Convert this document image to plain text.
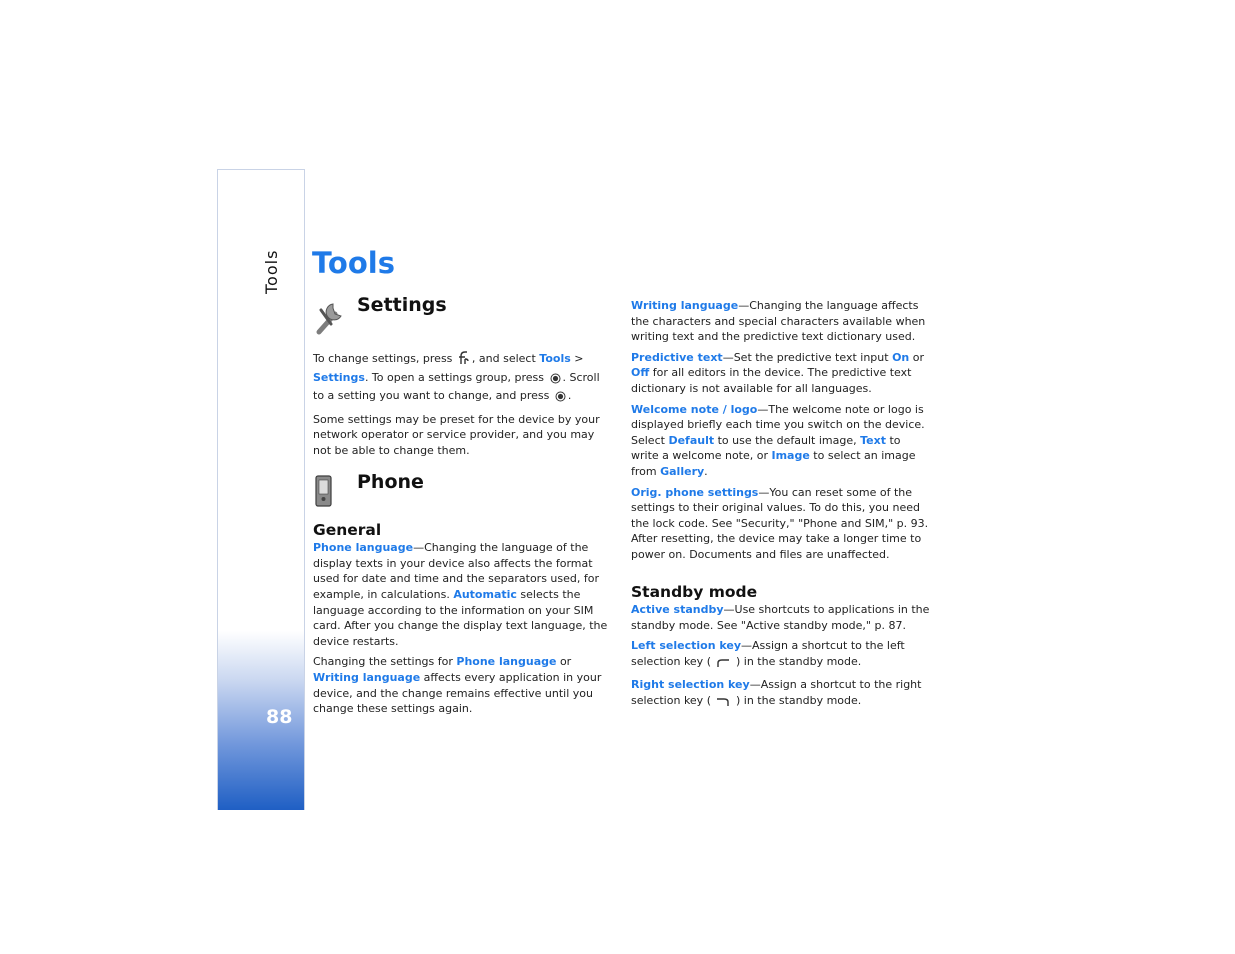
Tools
88
Tools
Settings

To change settings, press , and select Tools > Settings. To open a settings group, press . Scroll to a setting you want to change, and press .

Some settings may be preset for the device by your network operator or service provider, and you may not be able to change them.

Phone
General

Phone language—Changing the language of the display texts in your device also affects the format used for date and time and the separators used, for example, in calculations. Automatic selects the language according to the information on your SIM card. After you change the display text language, the device restarts.

Changing the settings for Phone language or Writing language affects every application in your device, and the change remains effective until you change these settings again.

Writing language—Changing the language affects the characters and special characters available when writing text and the predictive text dictionary used.

Predictive text—Set the predictive text input On or Off for all editors in the device. The predictive text dictionary is not available for all languages.

Welcome note / logo—The welcome note or logo is displayed briefly each time you switch on the device. Select Default to use the default image, Text to write a welcome note, or Image to select an image from Gallery.

Orig. phone settings—You can reset some of the settings to their original values. To do this, you need the lock code. See "Security," "Phone and SIM," p. 93. After resetting, the device may take a longer time to power on. Documents and files are unaffected.

Standby mode

Active standby—Use shortcuts to applications in the standby mode. See "Active standby mode," p. 87.

Left selection key—Assign a shortcut to the left selection key (  ) in the standby mode.

Right selection key—Assign a shortcut to the right selection key (  ) in the standby mode.
